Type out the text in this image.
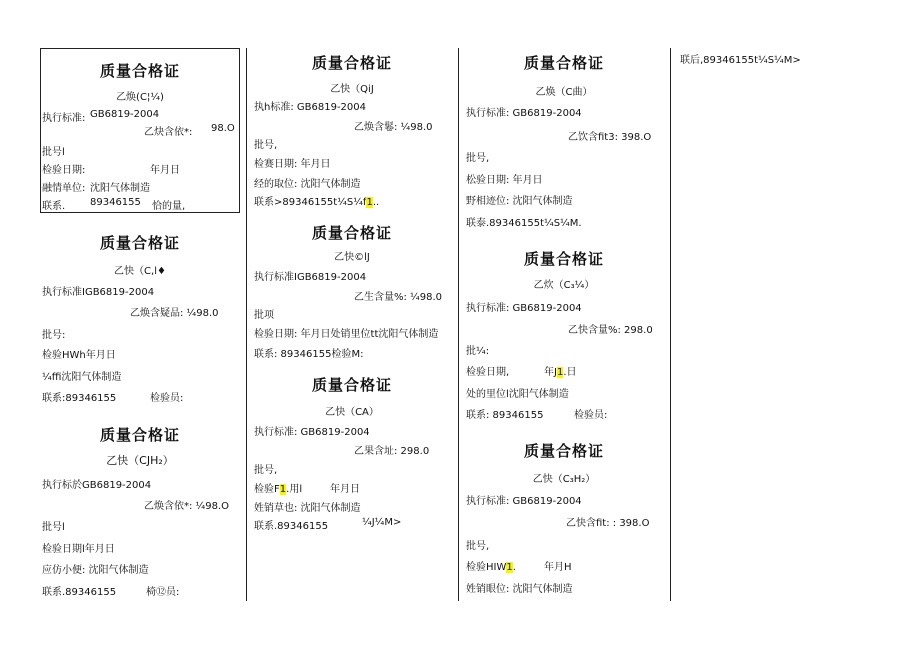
质量合格证
乙焕(C¦¼)
执行标准: GB6819-2004
乙炔含依*: 98.O
批号l
检验日期:	年月日
融情单位: 沈阳气体制造
联系. 89346155 恰的量,
质量合格证
乙快（C,l♦
执行标准IGB6819-2004
乙焕含疑品: ¼98.0
批号:
检验HWh年月日
¼ffi沈阳气体制造
联系:89346155	检验员:
质量合格证
乙快（CJH₂）
执行标於GB6819-2004
乙焕含依*: ¼98.O
批号l
检验日期l年月日
应仿小便: 沈阳气体制造
联系.89346155	椅⑫员:
质量合格证
乙快（QiJ
执h标准: GB6819-2004
乙焕含鬈: ¼98.0
批号,
检赛日期: 年月日
经的取位: 沈阳气体制造
联系>89346155t¼S¼f1..
质量合格证
乙快©lJ
执行标准IGB6819-2004
乙生含量%: ¼98.0
批项
检验日期: 年月日处销里位tt沈阳气体制造
联系: 89346155检验M:
质量合格证
乙快（CA）
执行标准: GB6819-2004
乙果含址: 298.0
批号,
检验F1.用l	年月日
姓销草也: 沈阳气体制造
联系.89346155	¼J¼M>
质量合格证
乙焕（C曲）
执行标准: GB6819-2004
乙饮含fit3: 398.O
批号,
松验日期: 年月日
野相迹位: 沈阳气体制造
联泰.89346155t¼S¼M.
质量合格证
乙炊（C₃¼）
执行标准: GB6819-2004
乙快含量%: 298.0
批¼:
检验日期,	年J1.日
处的里位l沈阳气体制造
联系: 89346155	检验员:
质量合格证
乙快（C₃H₂）
执行标准: GB6819-2004
乙快含fit: : 398.O
批号,
检验HIW1.	年月H
姓销眼位: 沈阳气体制造
联后,89346155t¼S¼M>
